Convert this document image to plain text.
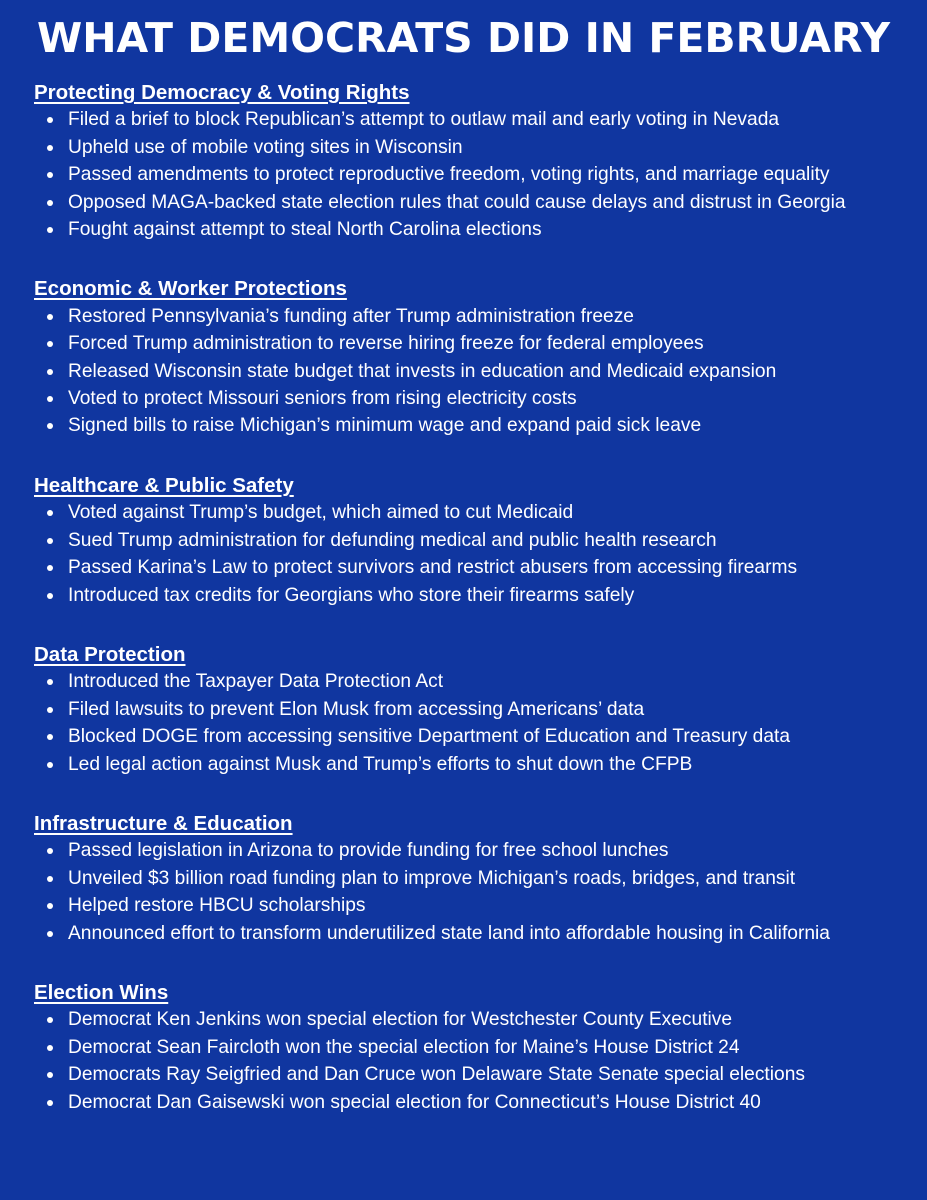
WHAT DEMOCRATS DID IN FEBRUARY
Protecting Democracy & Voting Rights
Filed a brief to block Republican’s attempt to outlaw mail and early voting in Nevada
Upheld use of mobile voting sites in Wisconsin
Passed amendments to protect reproductive freedom, voting rights, and marriage equality
Opposed MAGA-backed state election rules that could cause delays and distrust in Georgia
Fought against attempt to steal North Carolina elections
Economic & Worker Protections
Restored Pennsylvania’s funding after Trump administration freeze
Forced Trump administration to reverse hiring freeze for federal employees
Released Wisconsin state budget that invests in education and Medicaid expansion
Voted to protect Missouri seniors from rising electricity costs
Signed bills to raise Michigan’s minimum wage and expand paid sick leave
Healthcare & Public Safety
Voted against Trump’s budget, which aimed to cut Medicaid
Sued Trump administration for defunding medical and public health research
Passed Karina’s Law to protect survivors and restrict abusers from accessing firearms
Introduced tax credits for Georgians who store their firearms safely
Data Protection
Introduced the Taxpayer Data Protection Act
Filed lawsuits to prevent Elon Musk from accessing Americans’ data
Blocked DOGE from accessing sensitive Department of Education and Treasury data
Led legal action against Musk and Trump’s efforts to shut down the CFPB
Infrastructure & Education
Passed legislation in Arizona to provide funding for free school lunches
Unveiled $3 billion road funding plan to improve Michigan’s roads, bridges, and transit
Helped restore HBCU scholarships
Announced effort to transform underutilized state land into affordable housing in California
Election Wins
Democrat Ken Jenkins won special election for Westchester County Executive
Democrat Sean Faircloth won the special election for Maine’s House District 24
Democrats Ray Seigfried and Dan Cruce won Delaware State Senate special elections
Democrat Dan Gaisewski won special election for Connecticut’s House District 40
